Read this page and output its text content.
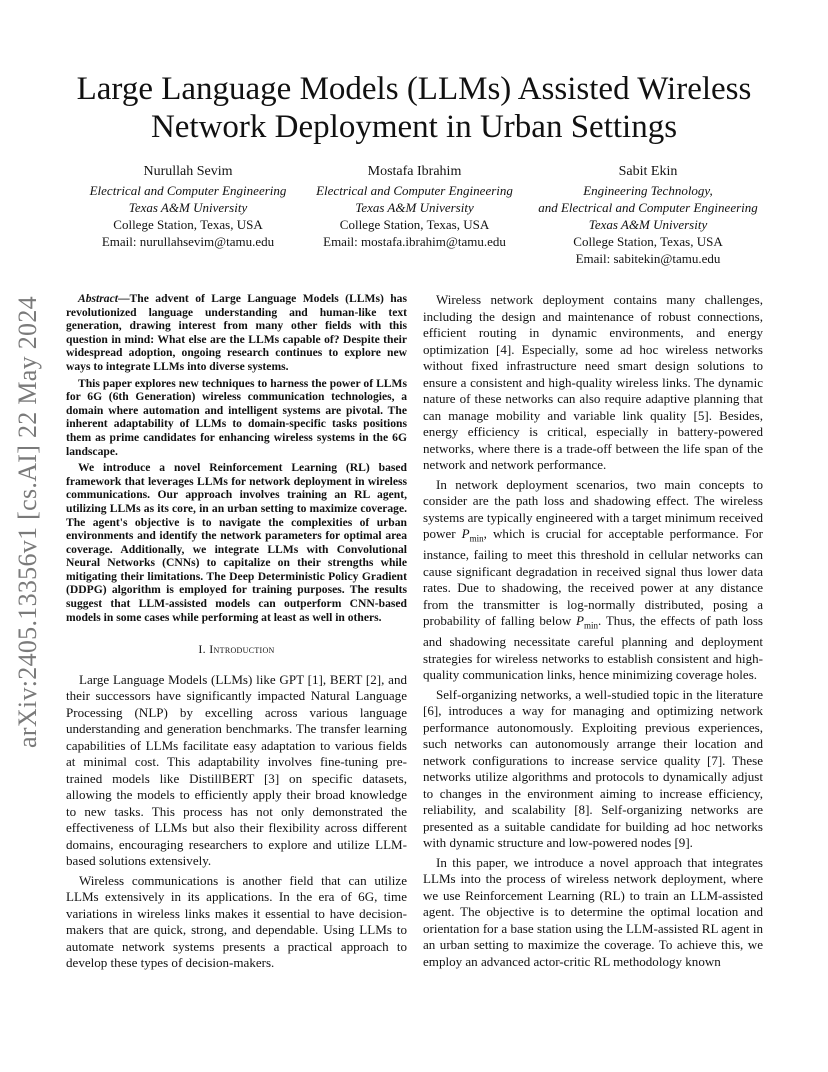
arXiv:2405.13356v1 [cs.AI] 22 May 2024
Large Language Models (LLMs) Assisted Wireless Network Deployment in Urban Settings
Nurullah Sevim
Electrical and Computer Engineering
Texas A&M University
College Station, Texas, USA
Email: nurullahsevim@tamu.edu
Mostafa Ibrahim
Electrical and Computer Engineering
Texas A&M University
College Station, Texas, USA
Email: mostafa.ibrahim@tamu.edu
Sabit Ekin
Engineering Technology,
and Electrical and Computer Engineering
Texas A&M University
College Station, Texas, USA
Email: sabitekin@tamu.edu

Abstract—The advent of Large Language Models (LLMs) has revolutionized language understanding and human-like text generation, drawing interest from many other fields with this question in mind: What else are the LLMs capable of? Despite their widespread adoption, ongoing research continues to explore new ways to integrate LLMs into diverse systems.

This paper explores new techniques to harness the power of LLMs for 6G (6th Generation) wireless communication technologies, a domain where automation and intelligent systems are pivotal. The inherent adaptability of LLMs to domain-specific tasks positions them as prime candidates for enhancing wireless systems in the 6G landscape.

We introduce a novel Reinforcement Learning (RL) based framework that leverages LLMs for network deployment in wireless communications. Our approach involves training an RL agent, utilizing LLMs as its core, in an urban setting to maximize coverage. The agent's objective is to navigate the complexities of urban environments and identify the network parameters for optimal area coverage. Additionally, we integrate LLMs with Convolutional Neural Networks (CNNs) to capitalize on their strengths while mitigating their limitations. The Deep Deterministic Policy Gradient (DDPG) algorithm is employed for training purposes. The results suggest that LLM-assisted models can outperform CNN-based models in some cases while performing at least as well in others.

I. Introduction

Large Language Models (LLMs) like GPT [1], BERT [2], and their successors have significantly impacted Natural Language Processing (NLP) by excelling across various language understanding and generation benchmarks. The transfer learning capabilities of LLMs facilitate easy adaptation to various fields at minimal cost. This adaptability involves fine-tuning pre-trained models like DistillBERT [3] on specific datasets, allowing the models to efficiently apply their broad knowledge to new tasks. This process has not only demonstrated the effectiveness of LLMs but also their flexibility across different domains, encouraging researchers to explore and utilize LLM-based solutions extensively.

Wireless communications is another field that can utilize LLMs extensively in its applications. In the era of 6G, time variations in wireless links makes it essential to have decision-makers that are quick, strong, and dependable. Using LLMs to automate network systems presents a practical approach to develop these types of decision-makers.

Wireless network deployment contains many challenges, including the design and maintenance of robust connections, efficient routing in dynamic environments, and energy optimization [4]. Especially, some ad hoc wireless networks without fixed infrastructure need smart design solutions to ensure a consistent and high-quality wireless links. The dynamic nature of these networks can also require adaptive planning that can manage mobility and variable link quality [5]. Besides, energy efficiency is critical, especially in battery-powered networks, where there is a trade-off between the life span of the network and network performance.

In network deployment scenarios, two main concepts to consider are the path loss and shadowing effect. The wireless systems are typically engineered with a target minimum received power $P_{min}$, which is crucial for acceptable performance. For instance, failing to meet this threshold in cellular networks can cause significant degradation in received signal thus lower data rates. Due to shadowing, the received power at any distance from the transmitter is log-normally distributed, posing a probability of falling below $P_{min}$. Thus, the effects of path loss and shadowing necessitate careful planning and deployment strategies for wireless networks to establish consistent and high-quality communication links, hence minimizing coverage holes.

Self-organizing networks, a well-studied topic in the literature [6], introduces a way for managing and optimizing network performance autonomously. Exploiting previous experiences, such networks can autonomously arrange their location and network configurations to increase service quality [7]. These networks utilize algorithms and protocols to dynamically adjust to changes in the environment aiming to increase efficiency, reliability, and scalability [8]. Self-organizing networks are presented as a suitable candidate for building ad hoc networks with dynamic structure and low-powered nodes [9].

In this paper, we introduce a novel approach that integrates LLMs into the process of wireless network deployment, where we use Reinforcement Learning (RL) to train an LLM-assisted agent. The objective is to determine the optimal location and orientation for a base station using the LLM-assisted RL agent in an urban setting to maximize the coverage. To achieve this, we employ an advanced actor-critic RL methodology known
